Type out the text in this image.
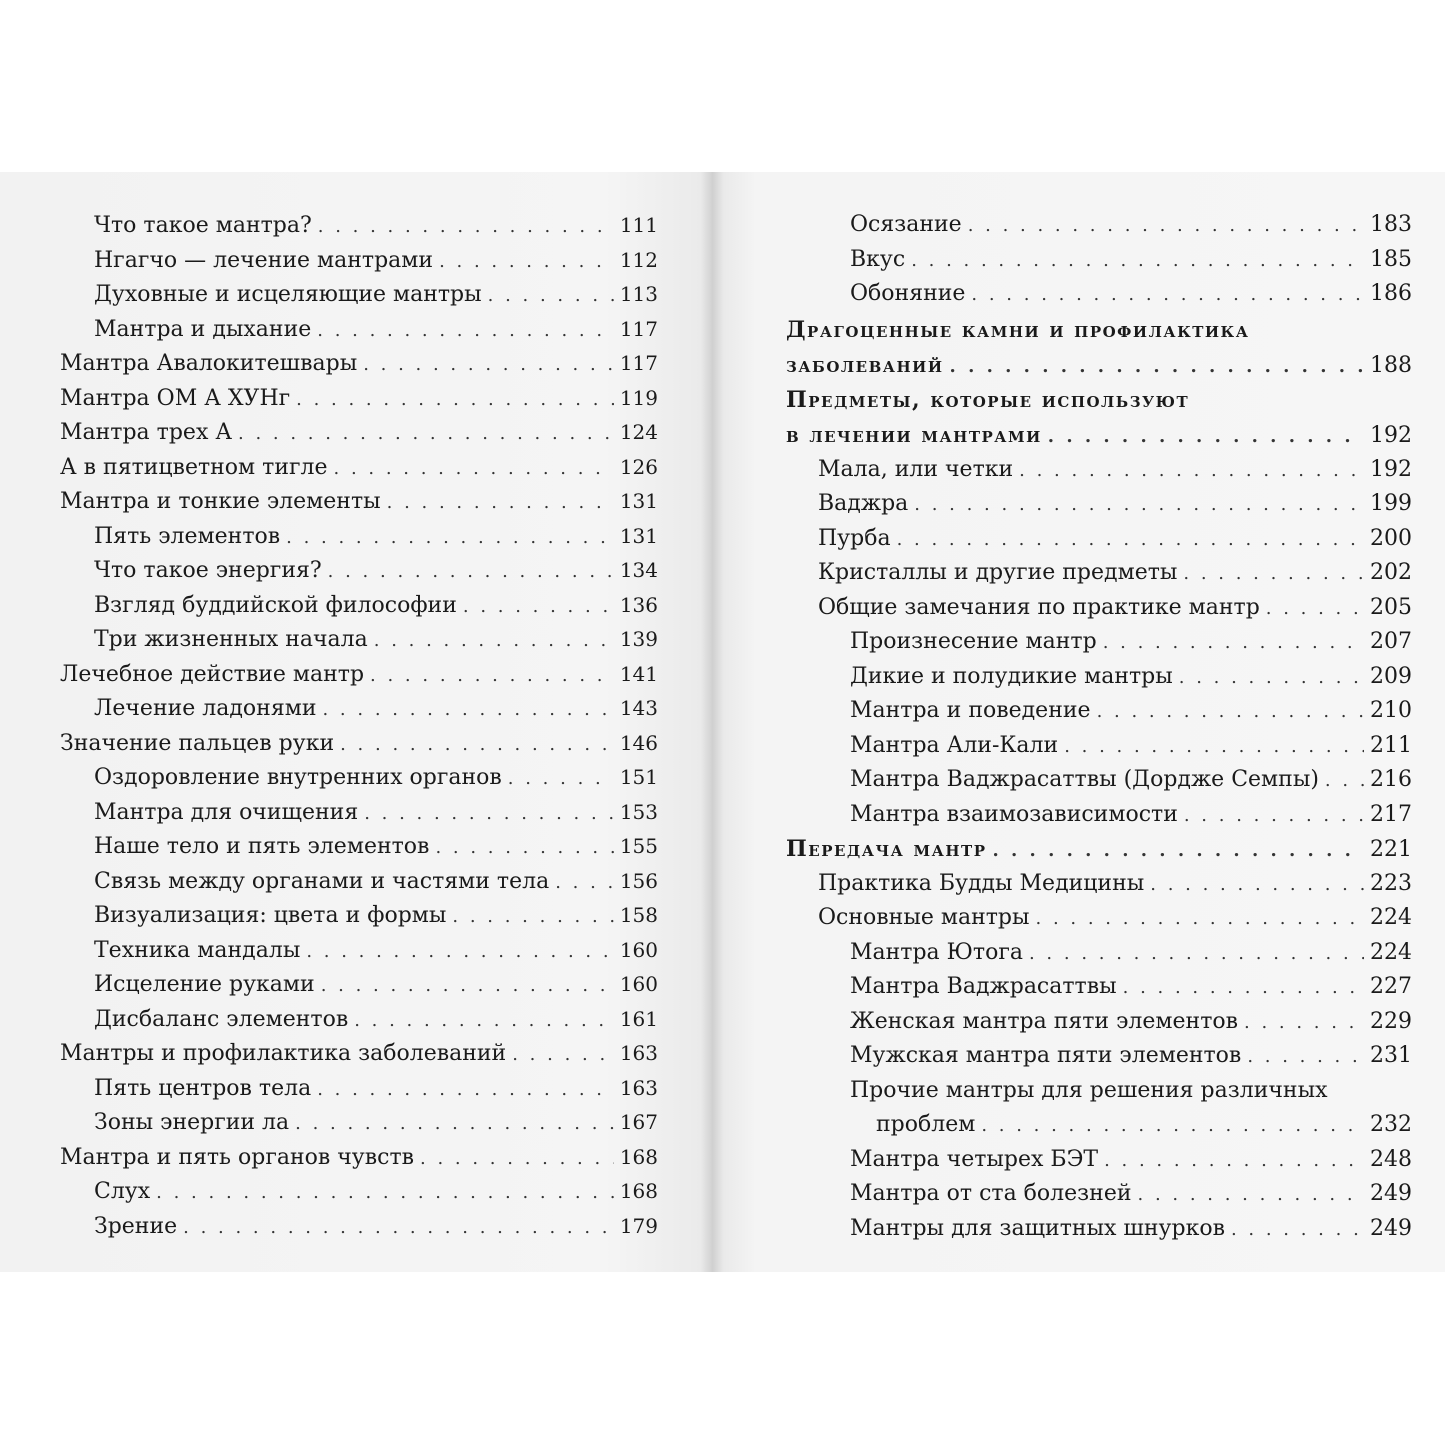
Что такое мантра? . . .	111
Нгагчо — лечение мантрами . . .	112
Духовные и исцеляющие мантры . . .	113
Мантра и дыхание . . .	117
Мантра Авалокитешвары . . .	117
Мантра ОМ А ХУНг . . .	119
Мантра трех А . . .	124
А в пятицветном тигле . . .	126
Мантра и тонкие элементы . . .	131
Пять элементов . . .	131
Что такое энергия? . . .	134
Взгляд буддийской философии . . .	136
Три жизненных начала . . .	139
Лечебное действие мантр . . .	141
Лечение ладонями . . .	143
Значение пальцев руки . . .	146
Оздоровление внутренних органов . . .	151
Мантра для очищения . . .	153
Наше тело и пять элементов . . .	155
Связь между органами и частями тела . . .	156
Визуализация: цвета и формы . . .	158
Техника мандалы . . .	160
Исцеление руками . . .	160
Дисбаланс элементов . . .	161
Мантры и профилактика заболеваний . . .	163
Пять центров тела . . .	163
Зоны энергии ла . . .	167
Мантра и пять органов чувств . . .	168
Слух . . .	168
Зрение . . .	179
Осязание . . .	183
Вкус . . .	185
Обоняние . . .	186
Драгоценные камни и профилактика
заболеваний . . .	188
Предметы, которые используют
в лечении мантрами . . .	192
Мала, или четки . . .	192
Ваджра . . .	199
Пурба . . .	200
Кристаллы и другие предметы . . .	202
Общие замечания по практике мантр . . .	205
Произнесение мантр . . .	207
Дикие и полудикие мантры . . .	209
Мантра и поведение . . .	210
Мантра Али-Кали . . .	211
Мантра Ваджрасаттвы (Дордже Семпы) . . . 216
Мантра взаимозависимости . . .	217
Передача мантр . . .	221
Практика Будды Медицины . . .	223
Основные мантры . . .	224
Мантра Ютога . . .	224
Мантра Ваджрасаттвы . . .	227
Женская мантра пяти элементов . . .	229
Мужская мантра пяти элементов . . .	231
Прочие мантры для решения различных
проблем . . .	232
Мантра четырех БЭТ . . .	248
Мантра от ста болезней . . .	249
Мантры для защитных шнурков . . .	249
